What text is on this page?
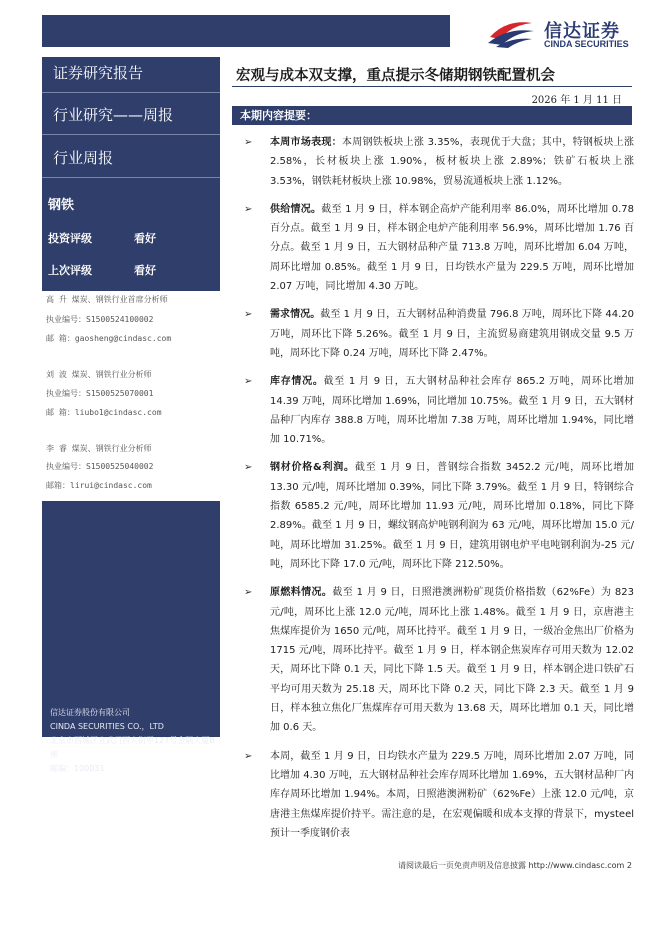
信达证券
CINDA SECURITIES
证券研究报告
行业研究——周报
行业周报
钢铁
投资评级	看好
上次评级	看好
高 升 煤炭、钢铁行业首席分析师
执业编号：S1500524100002
邮 箱：gaosheng@cindasc.com
刘 波 煤炭、钢铁行业分析师
执业编号：S1500525070001
邮 箱：liubo1@cindasc.com
李 睿 煤炭、钢铁行业分析师
执业编号：S1500525040002
邮箱：lirui@cindasc.com
信达证券股份有限公司
CINDA SECURITIES CO.，LTD
北京市西城区宣武门西大街甲127号金隅大厦B座
邮编：100031
宏观与成本双支撑，重点提示冬储期钢铁配置机会
2026 年 1 月 11 日
本期内容提要：
➢ 本周市场表现：本周钢铁板块上涨 3.35%，表现优于大盘；其中，特钢板块上涨 2.58%，长材板块上涨 1.90%，板材板块上涨 2.89%；铁矿石板块上涨 3.53%，钢铁耗材板块上涨 10.98%，贸易流通板块上涨 1.12%。
➢ 供给情况。截至 1 月 9 日，样本钢企高炉产能利用率 86.0%，周环比增加 0.78 百分点。截至 1 月 9 日，样本钢企电炉产能利用率 56.9%，周环比增加 1.76 百分点。截至 1 月 9 日，五大钢材品种产量 713.8 万吨，周环比增加 6.04 万吨，周环比增加 0.85%。截至 1 月 9 日，日均铁水产量为 229.5 万吨，周环比增加 2.07 万吨，同比增加 4.30 万吨。
➢ 需求情况。截至 1 月 9 日，五大钢材品种消费量 796.8 万吨，周环比下降 44.20 万吨，周环比下降 5.26%。截至 1 月 9 日，主流贸易商建筑用钢成交量 9.5 万吨，周环比下降 0.24 万吨，周环比下降 2.47%。
➢ 库存情况。截至 1 月 9 日，五大钢材品种社会库存 865.2 万吨，周环比增加 14.39 万吨，周环比增加 1.69%，同比增加 10.75%。截至 1 月 9 日，五大钢材品种厂内库存 388.8 万吨，周环比增加 7.38 万吨，周环比增加 1.94%，同比增加 10.71%。
➢ 钢材价格&利润。截至 1 月 9 日，普钢综合指数 3452.2 元/吨，周环比增加 13.30 元/吨，周环比增加 0.39%，同比下降 3.79%。截至 1 月 9 日，特钢综合指数 6585.2 元/吨，周环比增加 11.93 元/吨，周环比增加 0.18%，同比下降 2.89%。截至 1 月 9 日，螺纹钢高炉吨钢利润为 63 元/吨，周环比增加 15.0 元/吨，周环比增加 31.25%。截至 1 月 9 日，建筑用钢电炉平电吨钢利润为-25 元/吨，周环比下降 17.0 元/吨，周环比下降 212.50%。
➢ 原燃料情况。截至 1 月 9 日，日照港澳洲粉矿现货价格指数（62%Fe）为 823 元/吨，周环比上涨 12.0 元/吨，周环比上涨 1.48%。截至 1 月 9 日，京唐港主焦煤库提价为 1650 元/吨，周环比持平。截至 1 月 9 日，一级冶金焦出厂价格为 1715 元/吨，周环比持平。截至 1 月 9 日，样本钢企焦炭库存可用天数为 12.02 天，周环比下降 0.1 天，同比下降 1.5 天。截至 1 月 9 日，样本钢企进口铁矿石平均可用天数为 25.18 天，周环比下降 0.2 天，同比下降 2.3 天。截至 1 月 9 日，样本独立焦化厂焦煤库存可用天数为 13.68 天，周环比增加 0.1 天，同比增加 0.6 天。
➢ 本周，截至 1 月 9 日，日均铁水产量为 229.5 万吨，周环比增加 2.07 万吨，同比增加 4.30 万吨，五大钢材品种社会库存周环比增加 1.69%，五大钢材品种厂内库存周环比增加 1.94%。本周，日照港澳洲粉矿（62%Fe）上涨 12.0 元/吨，京唐港主焦煤库提价持平。需注意的是，在宏观偏暖和成本支撑的背景下，mysteel 预计一季度钢价表
请阅读最后一页免责声明及信息披露 http://www.cindasc.com 2
